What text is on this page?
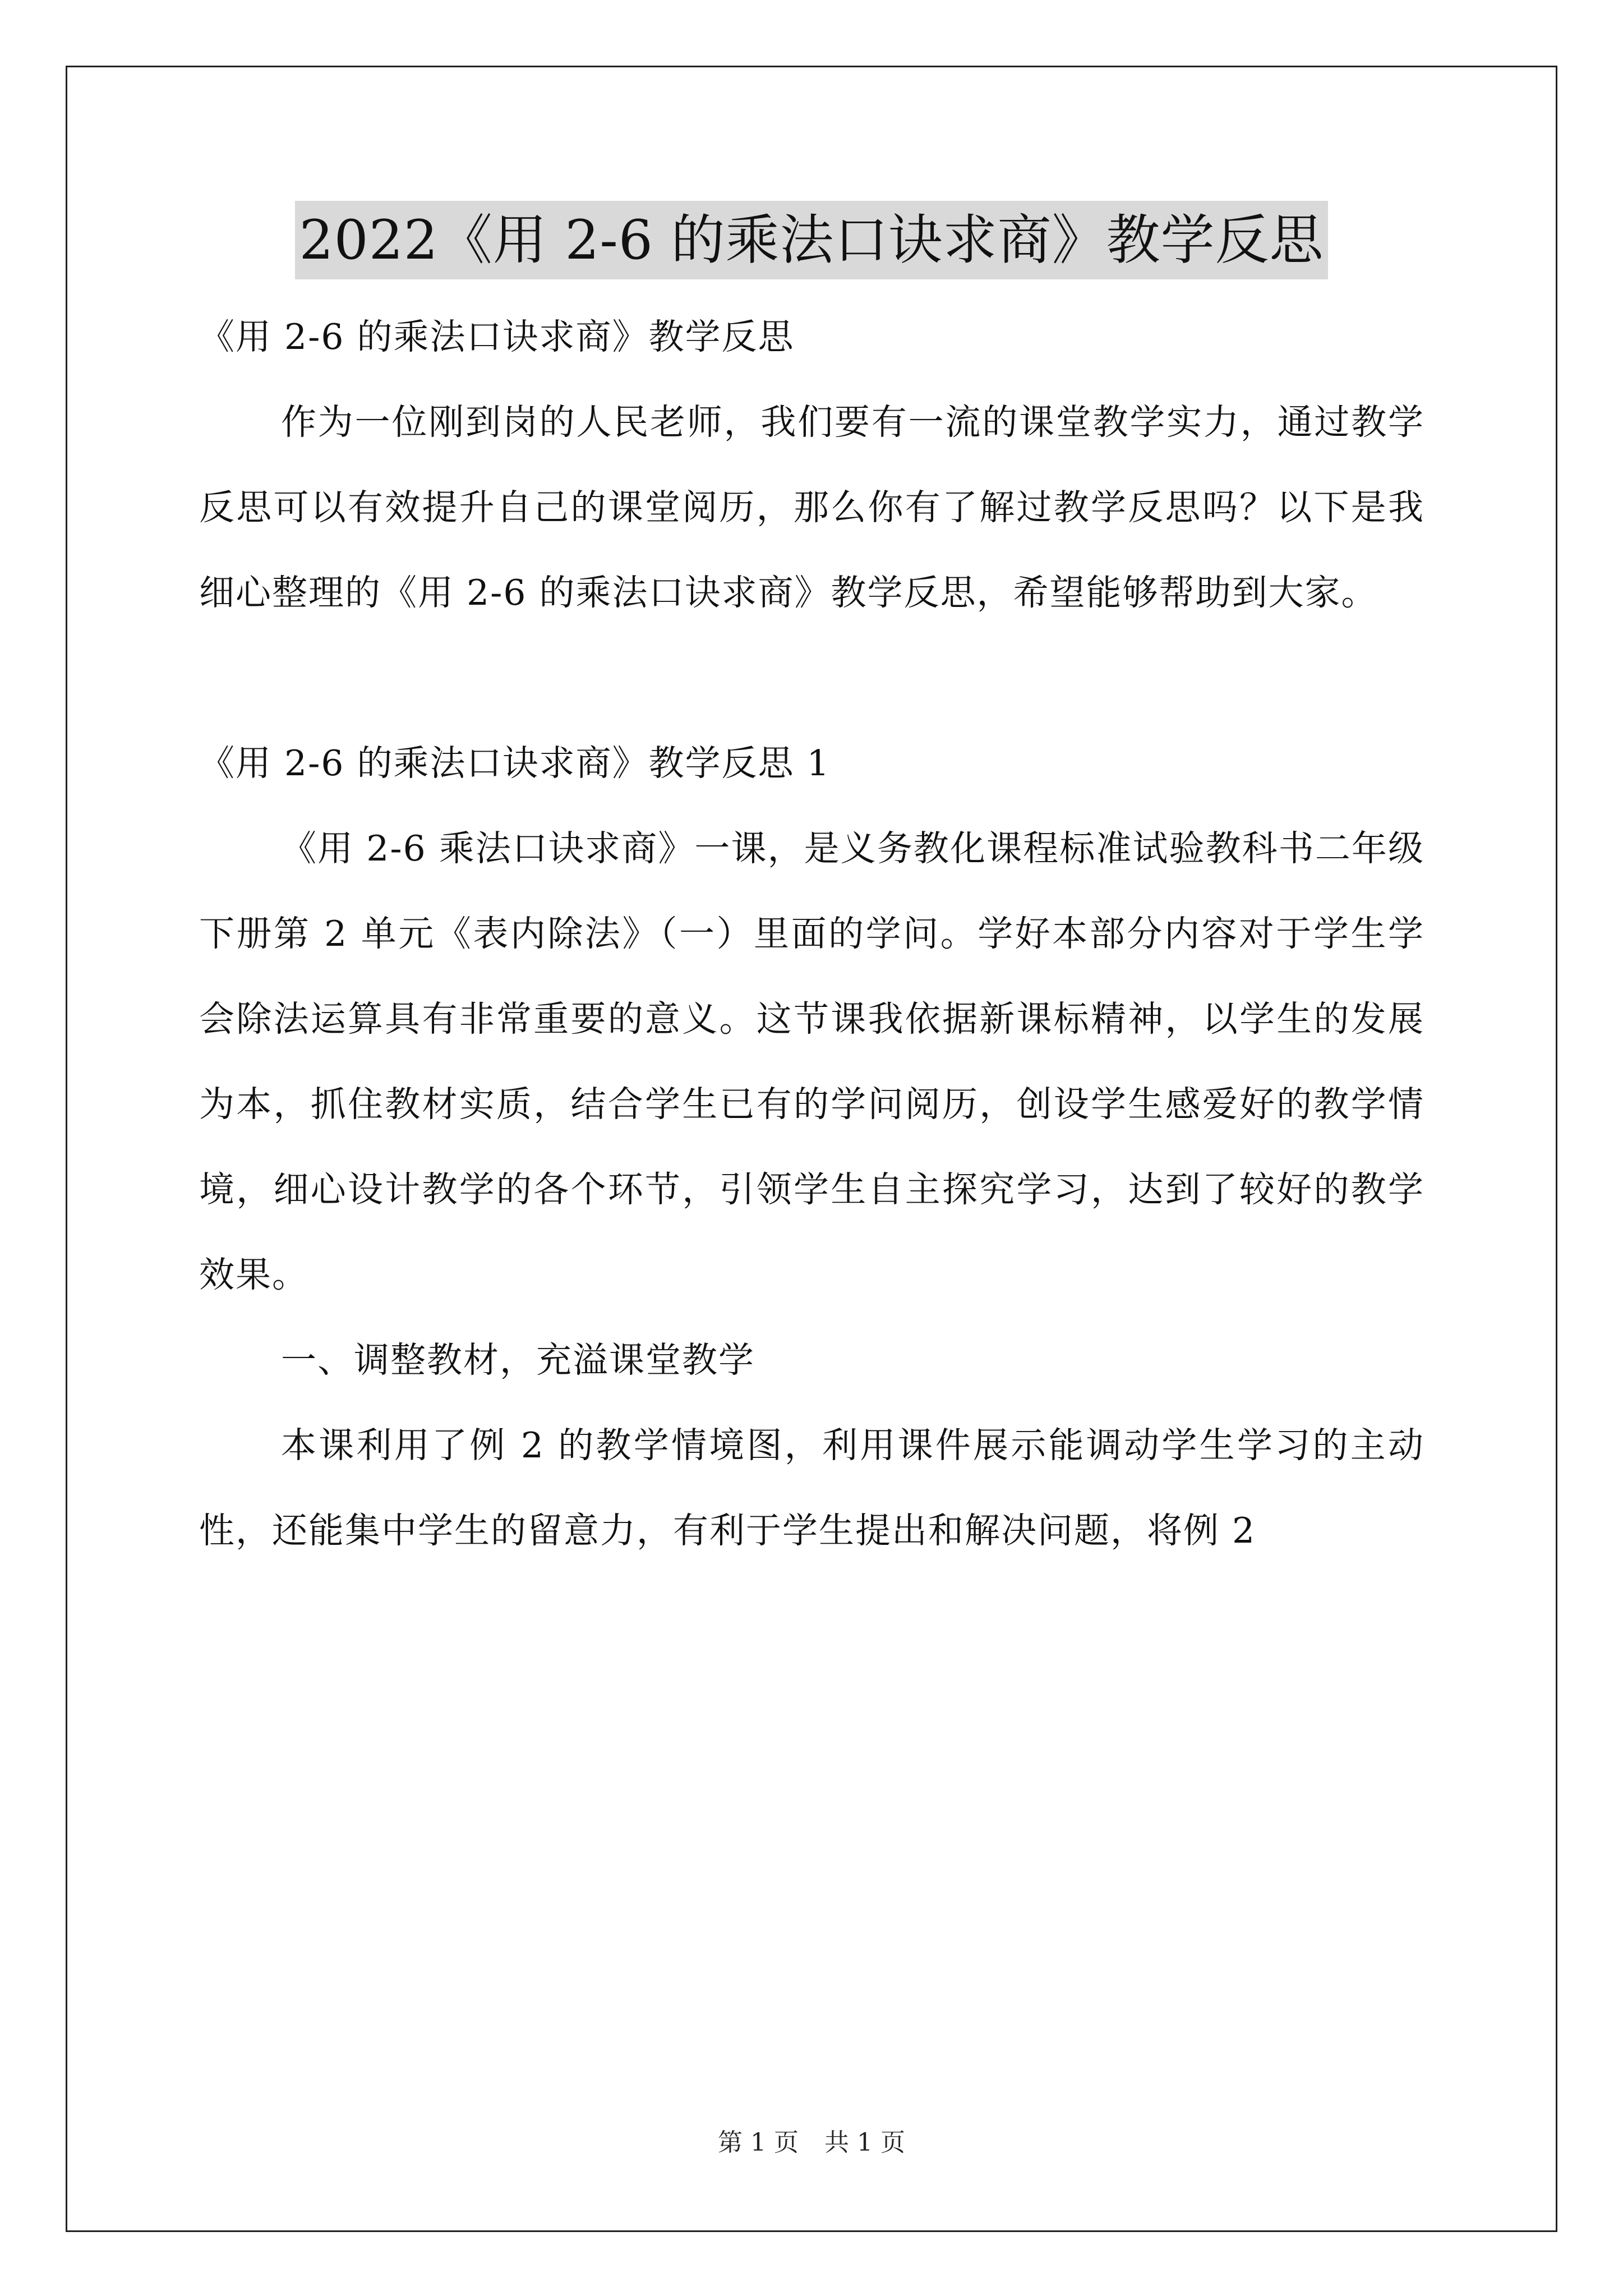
2022《用 2-6 的乘法口诀求商》教学反思

《用 2-6 的乘法口诀求商》教学反思

作为一位刚到岗的人民老师，我们要有一流的课堂教学实力，通过教学反思可以有效提升自己的课堂阅历，那么你有了解过教学反思吗？以下是我细心整理的《用 2-6 的乘法口诀求商》教学反思，希望能够帮助到大家。

《用 2-6 的乘法口诀求商》教学反思 1

《用 2-6 乘法口诀求商》一课，是义务教化课程标准试验教科书二年级下册第 2 单元《表内除法》（一）里面的学问。学好本部分内容对于学生学会除法运算具有非常重要的意义。这节课我依据新课标精神，以学生的发展为本，抓住教材实质，结合学生已有的学问阅历，创设学生感爱好的教学情境，细心设计教学的各个环节，引领学生自主探究学习，达到了较好的教学效果。

一、调整教材，充溢课堂教学

本课利用了例 2 的教学情境图，利用课件展示能调动学生学习的主动性，还能集中学生的留意力，有利于学生提出和解决问题，将例 2

第 1 页 共 1 页
